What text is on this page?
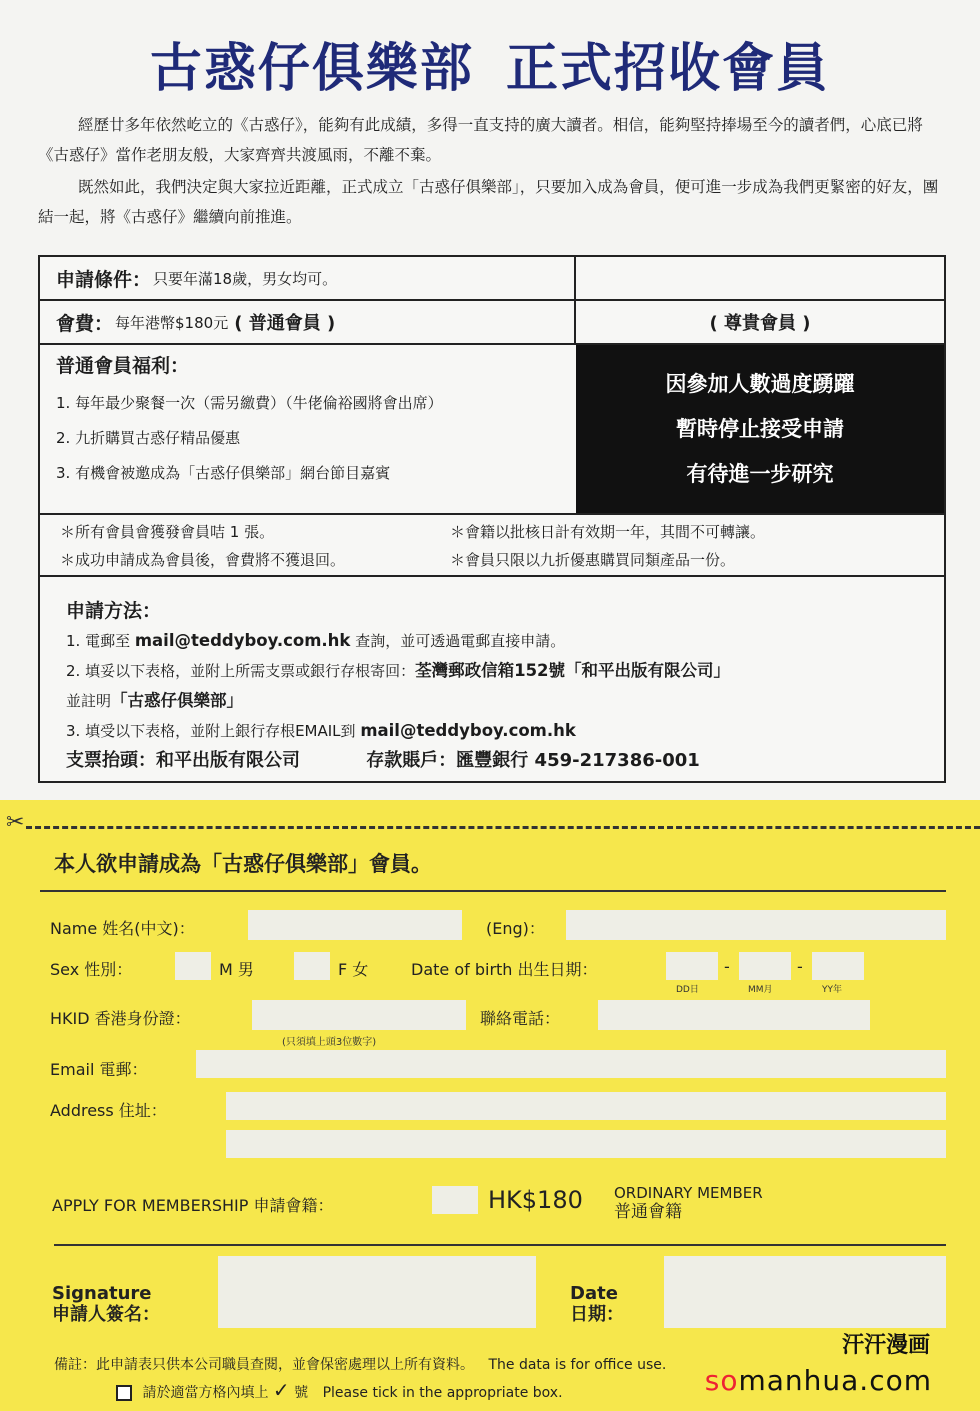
古惑仔俱樂部 正式招收會員

經歷廿多年依然屹立的《古惑仔》，能夠有此成績，多得一直支持的廣大讀者。相信，能夠堅持捧場至今的讀者們，心底已將《古惑仔》當作老朋友般，大家齊齊共渡風雨，不離不棄。

既然如此，我們決定與大家拉近距離，正式成立「古惑仔俱樂部」，只要加入成為會員，便可進一步成為我們更緊密的好友，團結一起，將《古惑仔》繼續向前推進。

申請條件： 只要年滿18歲，男女均可。
會費： 每年港幣$180元 ( 普通會員 )	( 尊貴會員 )
普通會員福利：
1. 每年最少聚餐一次（需另繳費）（牛佬倫裕國將會出席）
2. 九折購買古惑仔精品優惠
3. 有機會被邀成為「古惑仔俱樂部」網台節目嘉賓
因參加人數過度踴躍
暫時停止接受申請
有待進一步研究
＊所有會員會獲發會員咭 1 張。	＊會籍以批核日計有效期一年，其間不可轉讓。
＊成功申請成為會員後，會費將不獲退回。	＊會員只限以九折優惠購買同類產品一份。
申請方法：
1. 電郵至 mail@teddyboy.com.hk 查詢，並可透過電郵直接申請。
2. 填妥以下表格，並附上所需支票或銀行存根寄回：荃灣郵政信箱152號「和平出版有限公司」
並註明「古惑仔俱樂部」
3. 填受以下表格，並附上銀行存根EMAIL到 mail@teddyboy.com.hk
支票抬頭：和平出版有限公司	存款賬戶：匯豐銀行 459-217386-001
✂
本人欲申請成為「古惑仔俱樂部」會員。
Name 姓名(中文)：	(Eng)：
Sex 性別：	M 男	F 女	Date of birth 出生日期：	-	-
DD日	MM月	YY年
HKID 香港身份證：
(只須填上頭3位數字)
聯絡電話：
Email 電郵：
Address 住址：
APPLY FOR MEMBERSHIP 申請會籍：	HK$180 ORDINARY MEMBER
普通會籍
Signature
申請人簽名：
Date
日期：
備註：此申請表只供本公司職員查閱，並會保密處理以上所有資料。 The data is for office use.
請於適當方格內填上 ✓ 號 Please tick in the appropriate box.
汗汗漫画
somanhua.com
